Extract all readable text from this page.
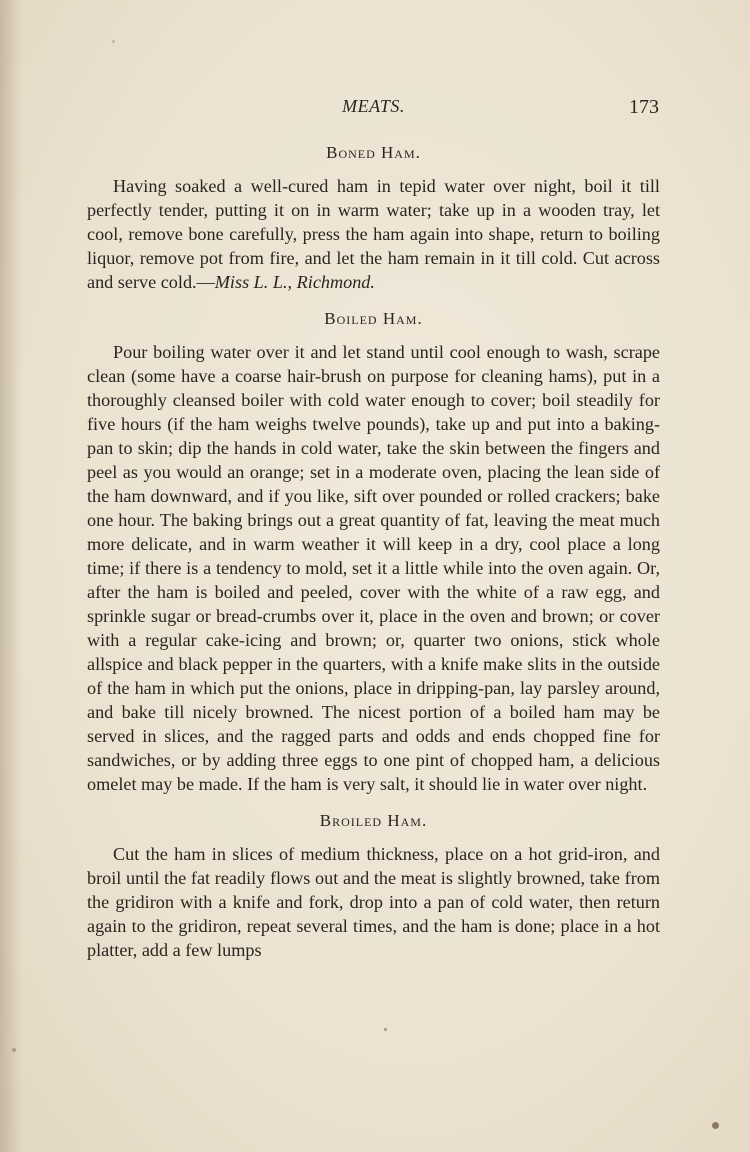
MEATS.	173
Boned Ham.

Having soaked a well-cured ham in tepid water over night, boil it till perfectly tender, putting it on in warm water; take up in a wooden tray, let cool, remove bone carefully, press the ham again into shape, return to boiling liquor, remove pot from fire, and let the ham remain in it till cold. Cut across and serve cold.—Miss L. L., Richmond.

Boiled Ham.

Pour boiling water over it and let stand until cool enough to wash, scrape clean (some have a coarse hair-brush on purpose for cleaning hams), put in a thoroughly cleansed boiler with cold water enough to cover; boil steadily for five hours (if the ham weighs twelve pounds), take up and put into a baking-pan to skin; dip the hands in cold water, take the skin between the fingers and peel as you would an orange; set in a moderate oven, placing the lean side of the ham downward, and if you like, sift over pounded or rolled crackers; bake one hour. The baking brings out a great quantity of fat, leaving the meat much more delicate, and in warm weather it will keep in a dry, cool place a long time; if there is a tendency to mold, set it a little while into the oven again. Or, after the ham is boiled and peeled, cover with the white of a raw egg, and sprinkle sugar or bread-crumbs over it, place in the oven and brown; or cover with a regular cake-icing and brown; or, quarter two onions, stick whole allspice and black pepper in the quarters, with a knife make slits in the outside of the ham in which put the onions, place in dripping-pan, lay parsley around, and bake till nicely browned. The nicest portion of a boiled ham may be served in slices, and the ragged parts and odds and ends chopped fine for sandwiches, or by adding three eggs to one pint of chopped ham, a delicious omelet may be made. If the ham is very salt, it should lie in water over night.

Broiled Ham.

Cut the ham in slices of medium thickness, place on a hot grid-iron, and broil until the fat readily flows out and the meat is slightly browned, take from the gridiron with a knife and fork, drop into a pan of cold water, then return again to the gridiron, repeat several times, and the ham is done; place in a hot platter, add a few lumps
